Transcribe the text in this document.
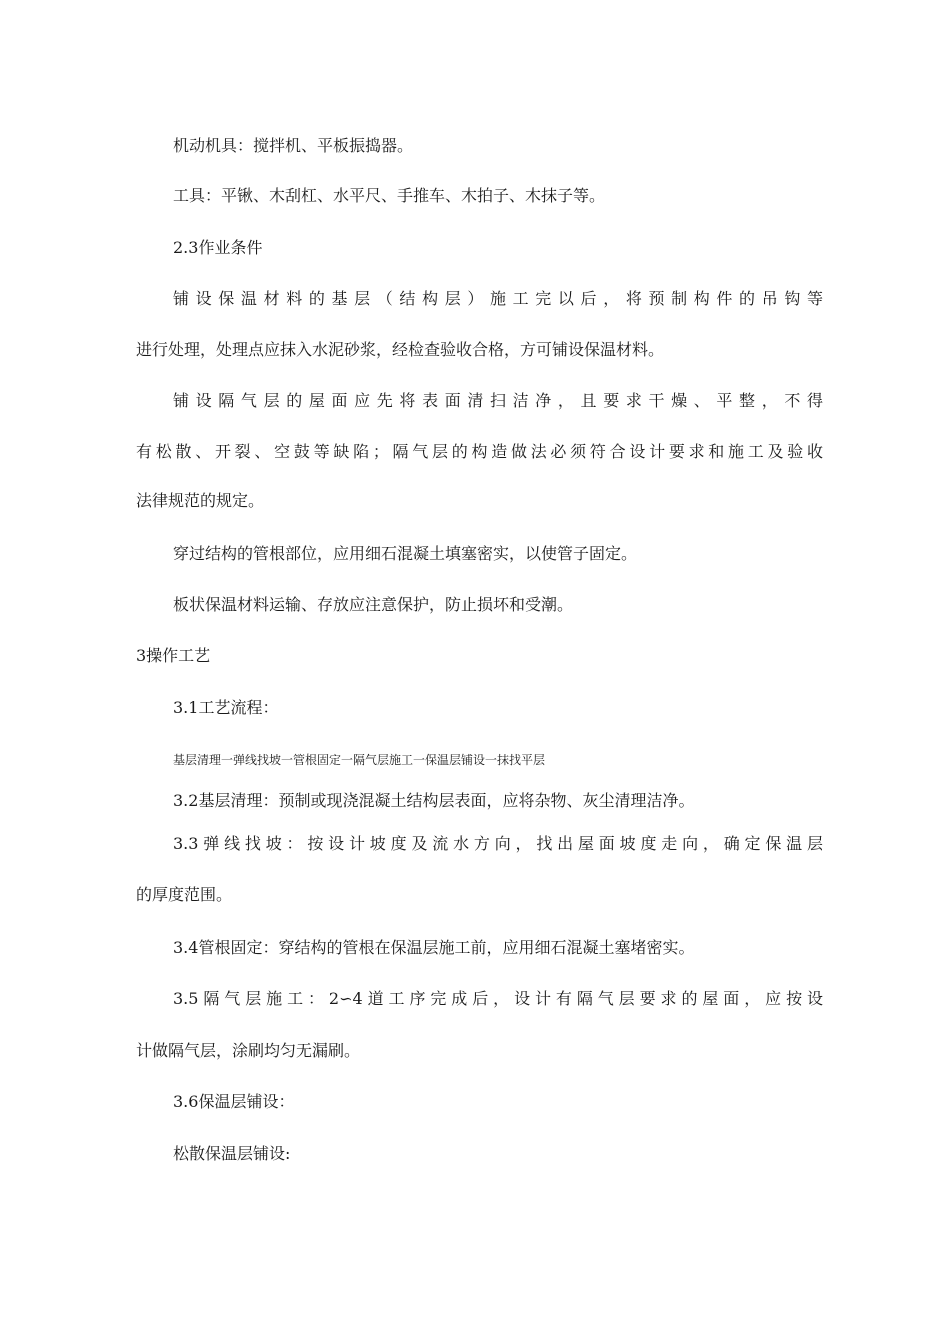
机动机具：搅拌机、平板振捣器。

工具：平锹、木刮杠、水平尺、手推车、木拍子、木抹子等。

2.3作业条件

铺设保温材料的基层（结构层）施工完以后，将预制构件的吊钩等

进行处理，处理点应抹入水泥砂浆，经检查验收合格，方可铺设保温材料。

铺设隔气层的屋面应先将表面清扫洁净，且要求干燥、平整，不得

有松散、开裂、空鼓等缺陷；隔气层的构造做法必须符合设计要求和施工及验收

法律规范的规定。

穿过结构的管根部位，应用细石混凝土填塞密实，以使管子固定。

板状保温材料运输、存放应注意保护，防止损坏和受潮。

3操作工艺

3.1工艺流程：

基层清理一弹线找坡一管根固定一隔气层施工一保温层铺设一抹找平层

3.2基层清理：预制或现浇混凝土结构层表面，应将杂物、灰尘清理洁净。

3.3弹线找坡：按设计坡度及流水方向，找出屋面坡度走向，确定保温层

的厚度范围。

3.4管根固定：穿结构的管根在保温层施工前，应用细石混凝土塞堵密实。

3.5隔气层施工：2∽4道工序完成后，设计有隔气层要求的屋面，应按设

计做隔气层，涂刷均匀无漏刷。

3.6保温层铺设：

松散保温层铺设:
